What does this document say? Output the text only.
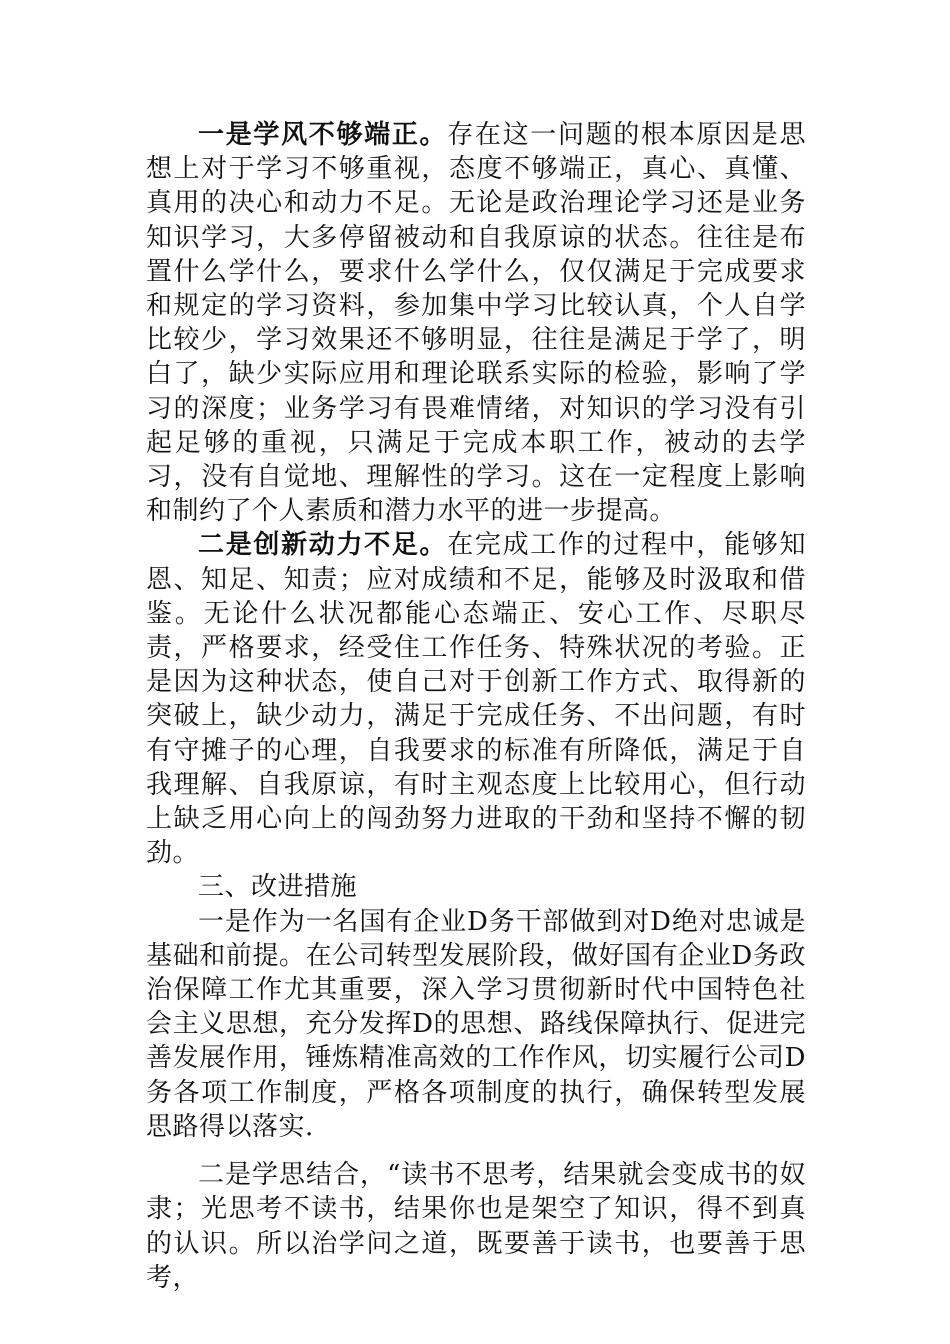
一是学风不够端正。存在这一问题的根本原因是思想上对于学习不够重视，态度不够端正，真心、真懂、真用的决心和动力不足。无论是政治理论学习还是业务知识学习，大多停留被动和自我原谅的状态。往往是布置什么学什么，要求什么学什么，仅仅满足于完成要求和规定的学习资料，参加集中学习比较认真，个人自学比较少，学习效果还不够明显，往往是满足于学了，明白了，缺少实际应用和理论联系实际的检验，影响了学习的深度；业务学习有畏难情绪，对知识的学习没有引起足够的重视，只满足于完成本职工作，被动的去学习，没有自觉地、理解性的学习。这在一定程度上影响和制约了个人素质和潜力水平的进一步提高。

二是创新动力不足。在完成工作的过程中，能够知恩、知足、知责；应对成绩和不足，能够及时汲取和借鉴。无论什么状况都能心态端正、安心工作、尽职尽责，严格要求，经受住工作任务、特殊状况的考验。正是因为这种状态，使自己对于创新工作方式、取得新的突破上，缺少动力，满足于完成任务、不出问题，有时有守摊子的心理，自我要求的标准有所降低，满足于自我理解、自我原谅，有时主观态度上比较用心，但行动上缺乏用心向上的闯劲努力进取的干劲和坚持不懈的韧劲。

三、改进措施

一是作为一名国有企业D务干部做到对D绝对忠诚是基础和前提。在公司转型发展阶段，做好国有企业D务政治保障工作尤其重要，深入学习贯彻新时代中国特色社会主义思想，充分发挥D的思想、路线保障执行、促进完善发展作用，锤炼精准高效的工作作风，切实履行公司D务各项工作制度，严格各项制度的执行，确保转型发展思路得以落实.

二是学思结合，“读书不思考，结果就会变成书的奴隶；光思考不读书，结果你也是架空了知识，得不到真的认识。所以治学问之道，既要善于读书，也要善于思考，
